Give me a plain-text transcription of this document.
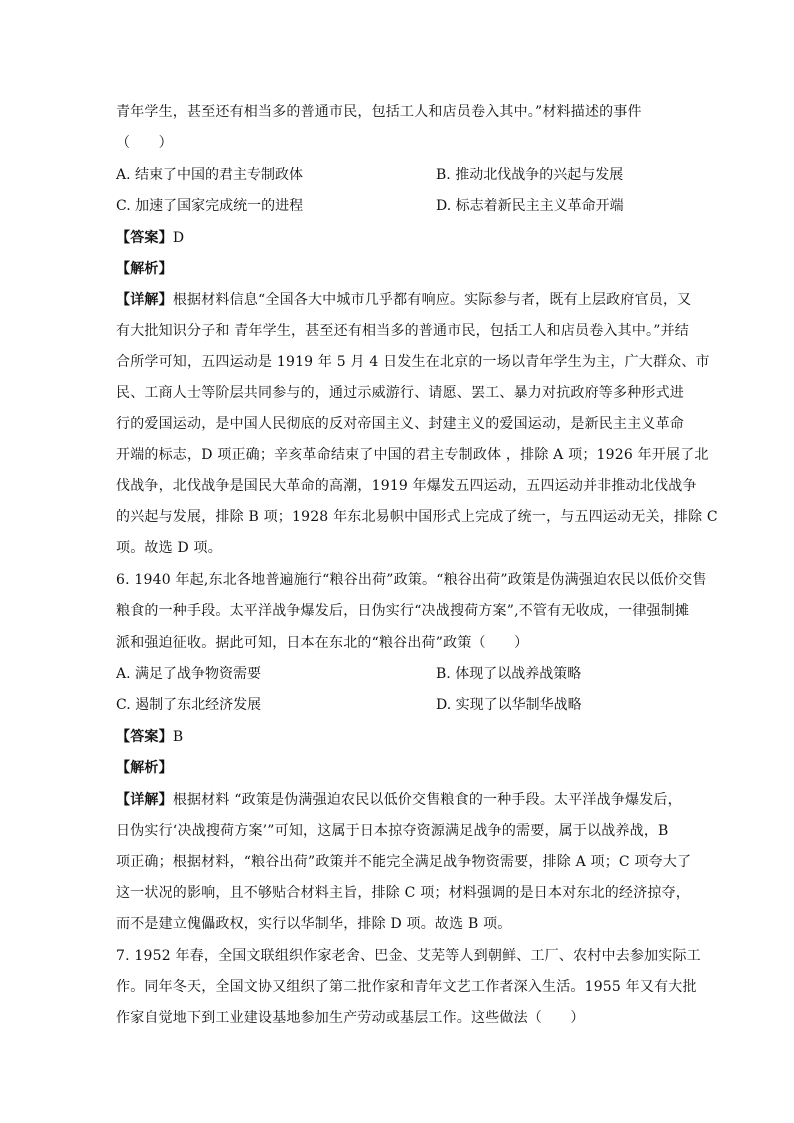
青年学生，甚至还有相当多的普通市民，包括工人和店员卷入其中。”材料描述的事件
（　　）
A. 结束了中国的君主专制政体	B. 推动北伐战争的兴起与发展
C. 加速了国家完成统一的进程	D. 标志着新民主主义革命开端
【答案】D
【解析】
【详解】根据材料信息“全国各大中城市几乎都有响应。实际参与者，既有上层政府官员，又
有大批知识分子和 青年学生，甚至还有相当多的普通市民，包括工人和店员卷入其中。”并结
合所学可知，五四运动是 1919 年 5 月 4 日发生在北京的一场以青年学生为主，广大群众、市
民、工商人士等阶层共同参与的，通过示威游行、请愿、罢工、暴力对抗政府等多种形式进
行的爱国运动，是中国人民彻底的反对帝国主义、封建主义的爱国运动，是新民主主义革命
开端的标志，D 项正确；辛亥革命结束了中国的君主专制政体 ，排除 A 项；1926 年开展了北
伐战争，北伐战争是国民大革命的高潮，1919 年爆发五四运动，五四运动并非推动北伐战争
的兴起与发展，排除 B 项；1928 年东北易帜中国形式上完成了统一，与五四运动无关，排除 C
项。故选 D 项。
6. 1940 年起,东北各地普遍施行“粮谷出荷”政策。“粮谷出荷”政策是伪满强迫农民以低价交售
粮食的一种手段。太平洋战争爆发后，日伪实行“决战搜荷方案”,不管有无收成，一律强制摊
派和强迫征收。据此可知，日本在东北的“粮谷出荷”政策（　　）
A. 满足了战争物资需要	B. 体现了以战养战策略
C. 遏制了东北经济发展	D. 实现了以华制华战略
【答案】B
【解析】
【详解】根据材料 “政策是伪满强迫农民以低价交售粮食的一种手段。太平洋战争爆发后，
日伪实行‘决战搜荷方案’”可知，这属于日本掠夺资源满足战争的需要，属于以战养战，B
项正确；根据材料，“粮谷出荷”政策并不能完全满足战争物资需要，排除 A 项；C 项夸大了
这一状况的影响，且不够贴合材料主旨，排除 C 项；材料强调的是日本对东北的经济掠夺，
而不是建立傀儡政权，实行以华制华，排除 D 项。故选 B 项。
7. 1952 年春，全国文联组织作家老舍、巴金、艾芜等人到朝鲜、工厂、农村中去参加实际工
作。同年冬天，全国文协又组织了第二批作家和青年文艺工作者深入生活。1955 年又有大批
作家自觉地下到工业建设基地参加生产劳动或基层工作。这些做法（　　）
